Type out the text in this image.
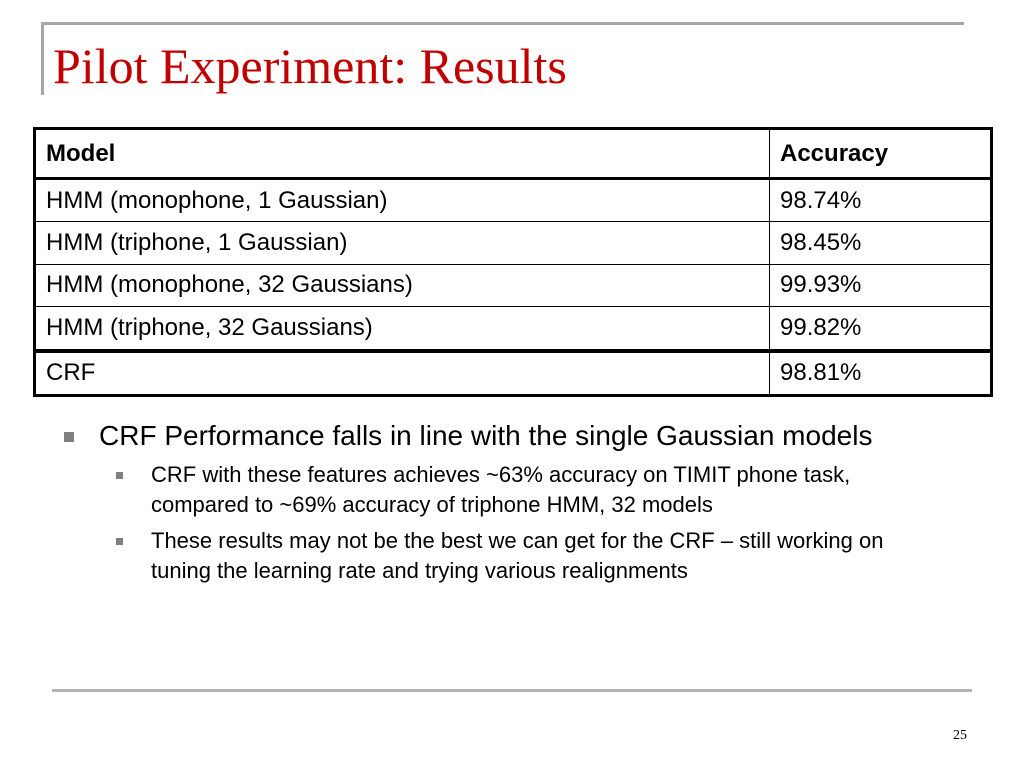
Pilot Experiment: Results
Model	Accuracy
HMM (monophone, 1 Gaussian)	98.74%
HMM (triphone, 1 Gaussian)	98.45%
HMM (monophone, 32 Gaussians)	99.93%
HMM (triphone, 32 Gaussians)	99.82%
CRF	98.81%
CRF Performance falls in line with the single Gaussian models
CRF with these features achieves ~63% accuracy on TIMIT phone task, compared to ~69% accuracy of triphone HMM, 32 models
These results may not be the best we can get for the CRF – still working on tuning the learning rate and trying various realignments
25
